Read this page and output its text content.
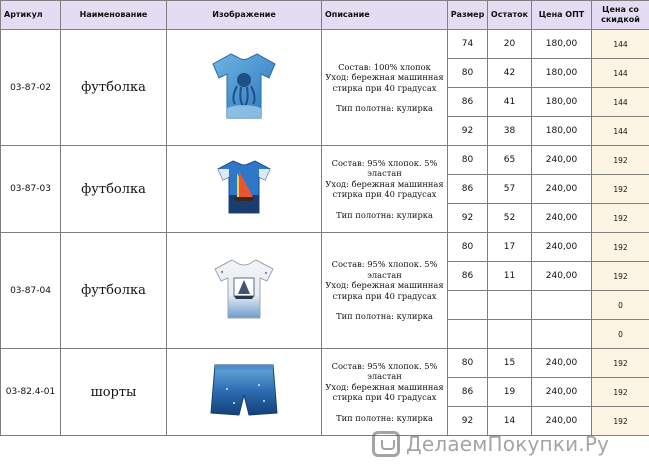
Артикул	Наименование	Изображение	Описание	Размер	Остаток	Цена ОПТ	Цена со скидкой
03-87-02	футболка		Состав: 100% хлопок
Уход: бережная машинная стирка при 40 градусах
Тип полотна: кулирка	74	20	180,00	144
				80	42	180,00	144
				86	41	180,00	144
				92	38	180,00	144
03-87-03	футболка		Состав: 95% хлопок. 5% эластан
Уход: бережная машинная стирка при 40 градусах
Тип полотна: кулирка	80	65	240,00	192
				86	57	240,00	192
				92	52	240,00	192
03-87-04	футболка		Состав: 95% хлопок. 5% эластан
Уход: бережная машинная стирка при 40 градусах
Тип полотна: кулирка	80	17	240,00	192
				86	11	240,00	192
							0
							0
03-82.4-01	шорты		Состав: 95% хлопок. 5% эластан
Уход: бережная машинная стирка при 40 градусах
Тип полотна: кулирка	80	15	240,00	192
				86	19	240,00	192
				92	14	240,00	192
ДелаемПокупки.Ру
